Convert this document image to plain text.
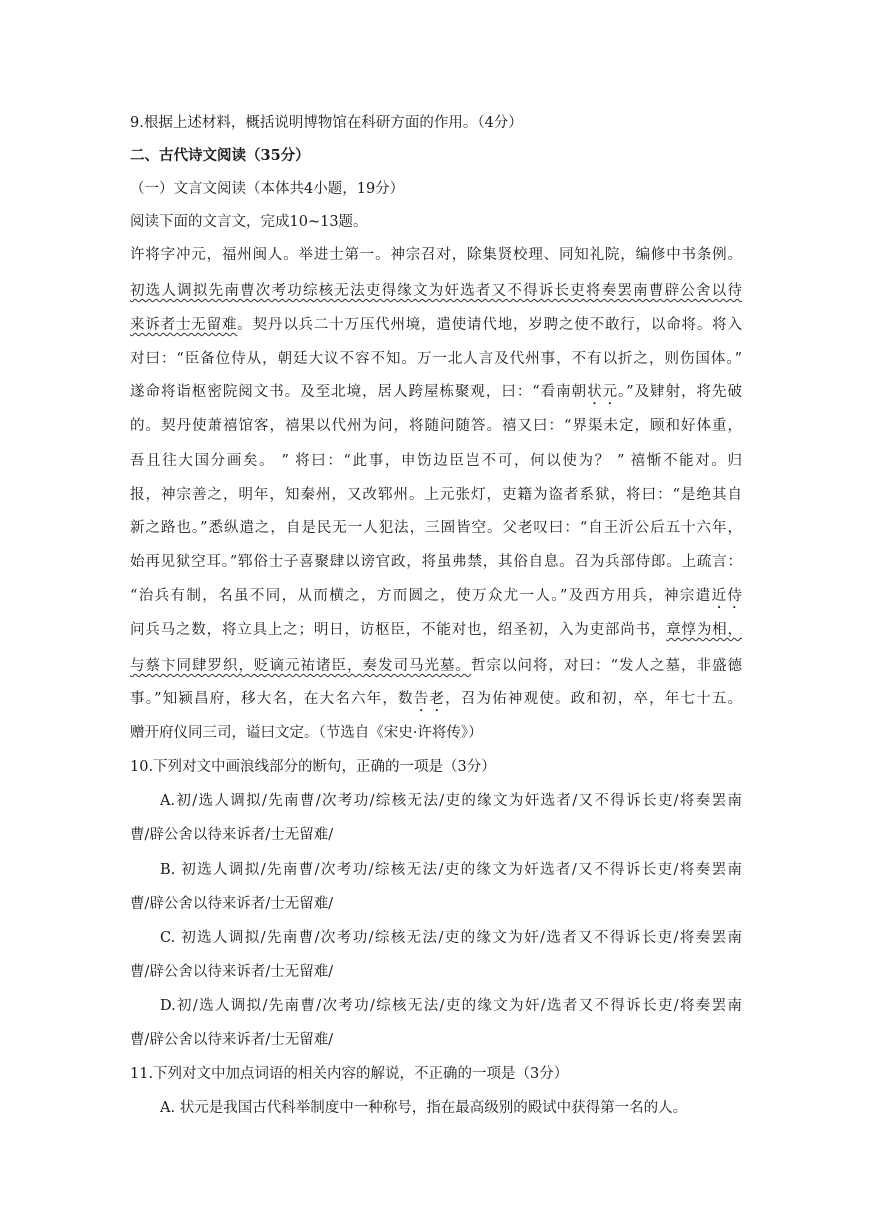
9.根据上述材料，概括说明博物馆在科研方面的作用。（4分）
二、古代诗文阅读（35分）
（一）文言文阅读（本体共4小题，19分）
阅读下面的文言文，完成10~13题。
许将字冲元，福州闽人。举进士第一。神宗召对，除集贤校理、同知礼院，编修中书条例。
初选人调拟先南曹次考功综核无法吏得缘文为奸选者又不得诉长吏将奏罢南曹辟公舍以待
来诉者士无留难。契丹以兵二十万压代州境，遣使请代地，岁聘之使不敢行，以命将。将入
对曰：“臣备位侍从，朝廷大议不容不知。万一北人言及代州事，不有以折之，则伤国体。”
遂命将诣枢密院阅文书。及至北境，居人跨屋栋聚观，曰：“看南朝状元。”及肄射，将先破
的。契丹使萧禧馆客，禧果以代州为问，将随问随答。禧又曰：“界渠未定，顾和好体重，
吾且往大国分画矣。 ” 将曰：“此事，申饬边臣岂不可，何以使为？ ” 禧惭不能对。归
报，神宗善之，明年，知秦州，又改郓州。上元张灯，吏籍为盗者系狱，将曰：“是绝其自
新之路也。”悉纵遣之，自是民无一人犯法，三圄皆空。父老叹曰：“自王沂公后五十六年，
始再见狱空耳。”郓俗士子喜聚肆以谤官政，将虽弗禁，其俗自息。召为兵部侍郎。上疏言：
“治兵有制，名虽不同，从而横之，方而圆之，使万众尤一人。”及西方用兵，神宗遣近侍
问兵马之数，将立具上之；明日，访枢臣，不能对也，绍圣初，入为吏部尚书，章惇为相，
与蔡卞同肆罗织，贬谪元祐诸臣，奏发司马光墓。哲宗以问将，对曰：“发人之墓，非盛德
事。”知颍昌府，移大名，在大名六年，数告老，召为佑神观使。政和初，卒，年七十五。
赠开府仪同三司，谥曰文定。（节选自《宋史·许将传》）
10.下列对文中画浪线部分的断句，正确的一项是（3分）
A.初/选人调拟/先南曹/次考功/综核无法/吏的缘文为奸选者/又不得诉长吏/将奏罢南
曹/辟公舍以待来诉者/士无留难/
B. 初选人调拟/先南曹/次考功/综核无法/吏的缘文为奸选者/又不得诉长吏/将奏罢南
曹/辟公舍以待来诉者/士无留难/
C. 初选人调拟/先南曹/次考功/综核无法/吏的缘文为奸/选者又不得诉长吏/将奏罢南
曹/辟公舍以待来诉者/士无留难/
D.初/选人调拟/先南曹/次考功/综核无法/吏的缘文为奸/选者又不得诉长吏/将奏罢南
曹/辟公舍以待来诉者/士无留难/
11.下列对文中加点词语的相关内容的解说，不正确的一项是（3分）
A. 状元是我国古代科举制度中一种称号，指在最高级别的殿试中获得第一名的人。
